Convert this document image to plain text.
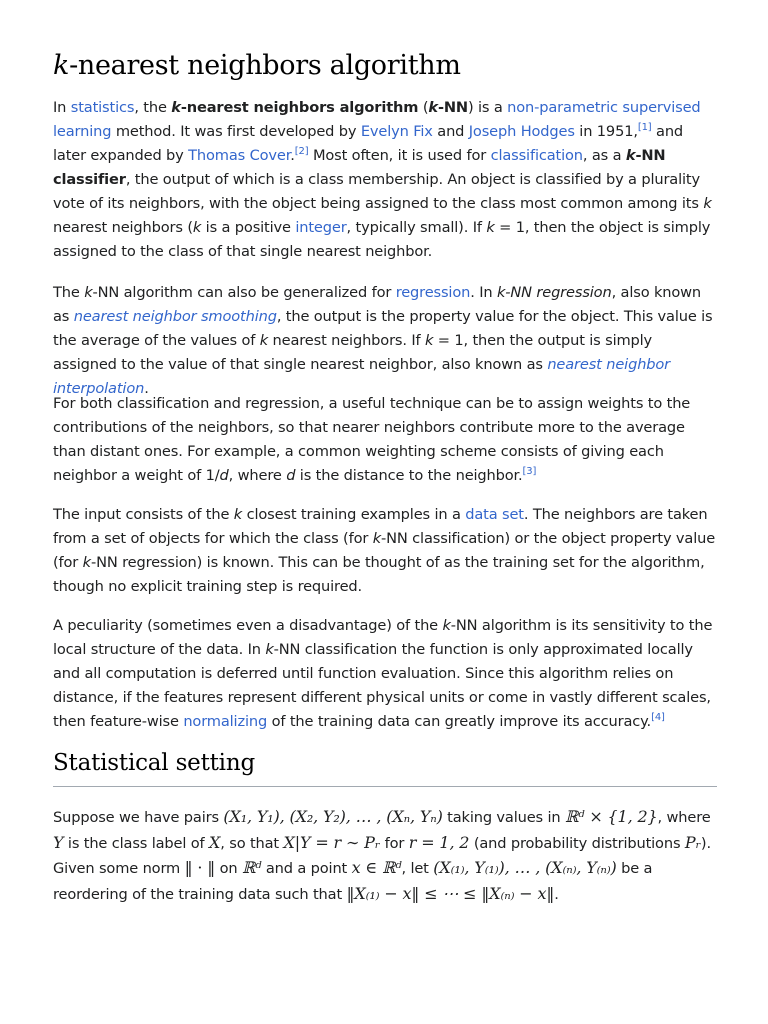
k-nearest neighbors algorithm

In statistics, the k-nearest neighbors algorithm (k-NN) is a non-parametric supervised learning method. It was first developed by Evelyn Fix and Joseph Hodges in 1951,[1] and later expanded by Thomas Cover.[2] Most often, it is used for classification, as a k-NN classifier, the output of which is a class membership. An object is classified by a plurality vote of its neighbors, with the object being assigned to the class most common among its k nearest neighbors (k is a positive integer, typically small). If k = 1, then the object is simply assigned to the class of that single nearest neighbor.

The k-NN algorithm can also be generalized for regression. In k-NN regression, also known as nearest neighbor smoothing, the output is the property value for the object. This value is the average of the values of k nearest neighbors. If k = 1, then the output is simply assigned to the value of that single nearest neighbor, also known as nearest neighbor interpolation.

For both classification and regression, a useful technique can be to assign weights to the contributions of the neighbors, so that nearer neighbors contribute more to the average than distant ones. For example, a common weighting scheme consists of giving each neighbor a weight of 1/d, where d is the distance to the neighbor.[3]

The input consists of the k closest training examples in a data set. The neighbors are taken from a set of objects for which the class (for k-NN classification) or the object property value (for k-NN regression) is known. This can be thought of as the training set for the algorithm, though no explicit training step is required.

A peculiarity (sometimes even a disadvantage) of the k-NN algorithm is its sensitivity to the local structure of the data. In k-NN classification the function is only approximated locally and all computation is deferred until function evaluation. Since this algorithm relies on distance, if the features represent different physical units or come in vastly different scales, then feature-wise normalizing of the training data can greatly improve its accuracy.[4]

Statistical setting

Suppose we have pairs (X₁, Y₁), (X₂, Y₂), … , (Xₙ, Yₙ) taking values in ℝᵈ × {1, 2}, where Y is the class label of X, so that X|Y = r ∼ Pᵣ for r = 1, 2 (and probability distributions Pᵣ). Given some norm ‖ · ‖ on ℝᵈ and a point x ∈ ℝᵈ, let (X₍₁₎, Y₍₁₎), … , (X₍ₙ₎, Y₍ₙ₎) be a reordering of the training data such that ‖X₍₁₎ − x‖ ≤ ⋯ ≤ ‖X₍ₙ₎ − x‖.
